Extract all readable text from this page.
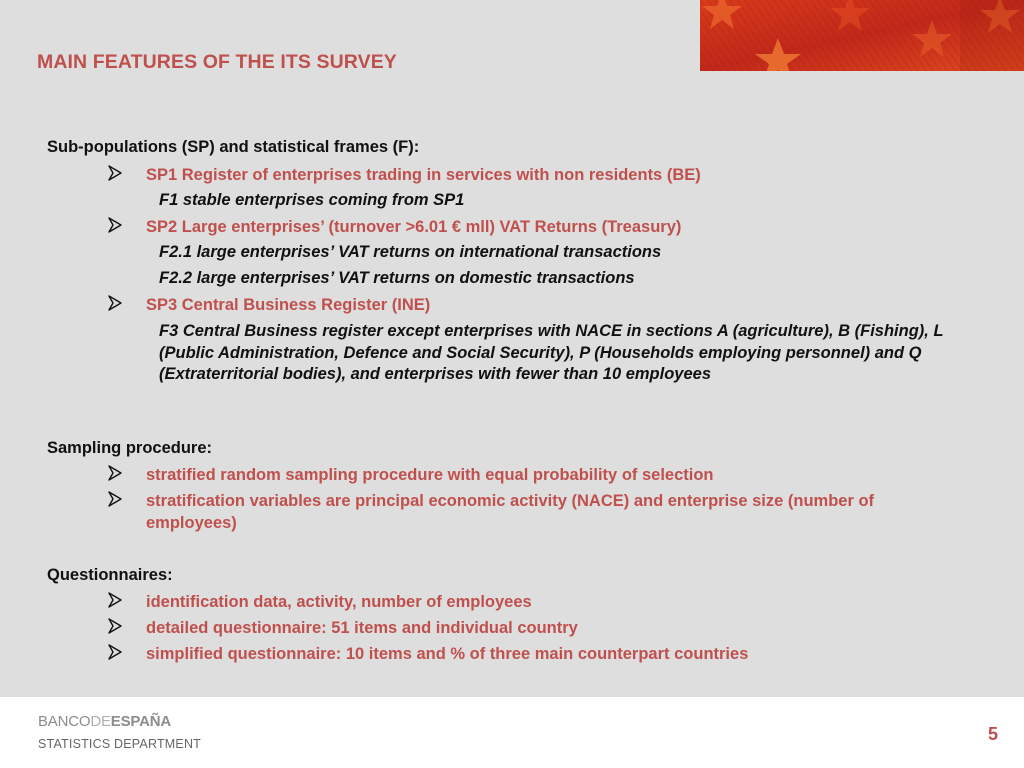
MAIN FEATURES OF THE ITS SURVEY
Sub-populations (SP) and statistical frames (F):
SP1 Register of enterprises trading in services with non residents (BE)
F1 stable enterprises coming from SP1
SP2 Large enterprises’ (turnover >6.01 € mll) VAT Returns (Treasury)
F2.1 large enterprises’ VAT returns on international transactions
F2.2 large enterprises’ VAT returns on domestic transactions
SP3 Central Business Register (INE)
F3 Central Business register except enterprises with NACE in sections A (agriculture), B (Fishing), L (Public Administration, Defence and Social Security), P (Households employing personnel) and Q (Extraterritorial bodies), and enterprises with fewer than 10 employees
Sampling procedure:
stratified random sampling procedure with equal probability of selection
stratification variables are principal economic activity (NACE) and enterprise size (number of employees)
Questionnaires:
identification data, activity, number of employees
detailed questionnaire: 51 items and individual country
simplified questionnaire: 10 items and % of three main counterpart countries
BANCODEESPAÑA
STATISTICS DEPARTMENT	5
